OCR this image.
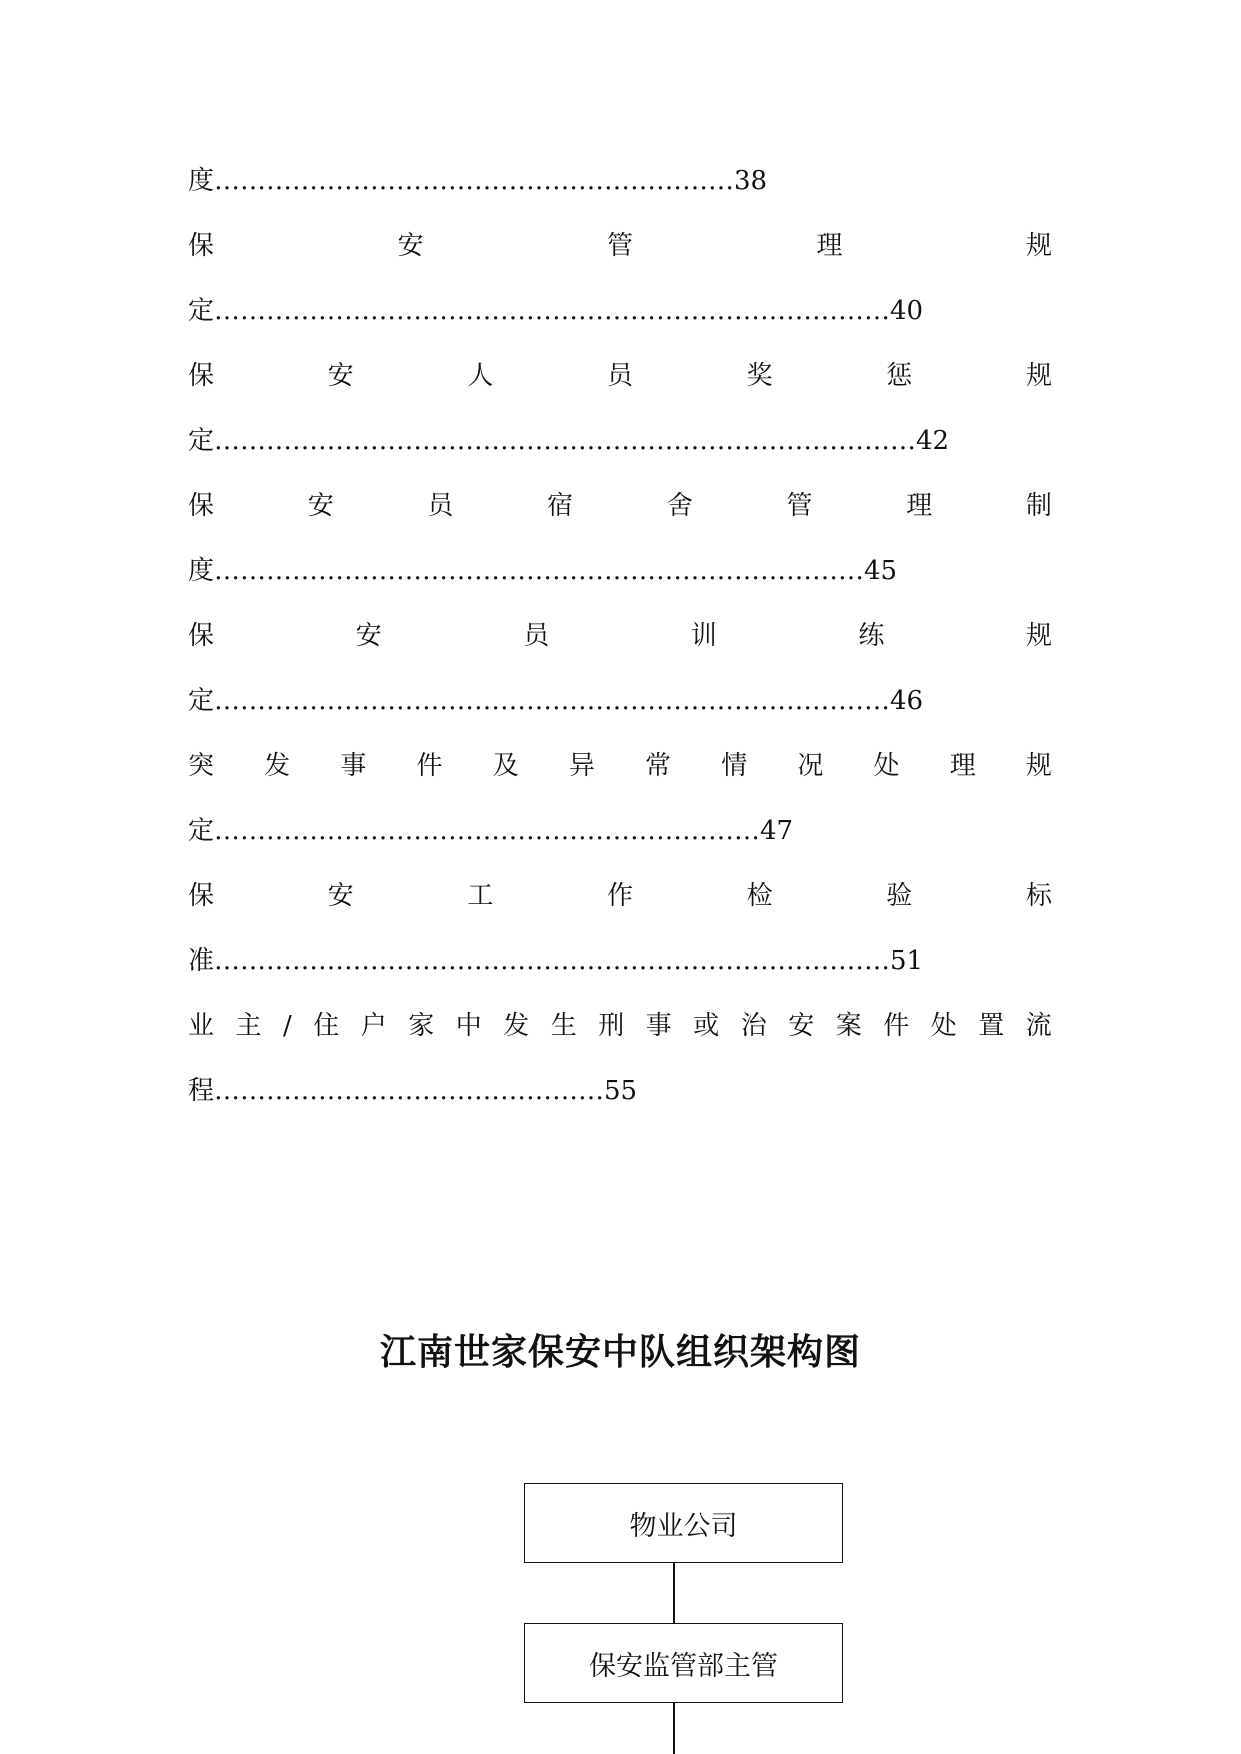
度……………………………………………………38
保	安	管	理	规
定……………………………………………………………………40
保	安	人	员	奖	惩	规
定………………………………………………………………………42
保	安	员	宿	舍	管	理	制
度…………………………………………………………………45
保	安	员	训	练	规
定……………………………………………………………………46
突 发 事 件 及 异 常 情 况 处 理 规
定………………………………………………………47
保	安	工	作	检	验	标
准……………………………………………………………………51
业 主 / 住 户 家 中 发 生 刑 事 或 治 安 案 件 处 置 流
程………………………………………55
江南世家保安中队组织架构图
物业公司
保安监管部主管
